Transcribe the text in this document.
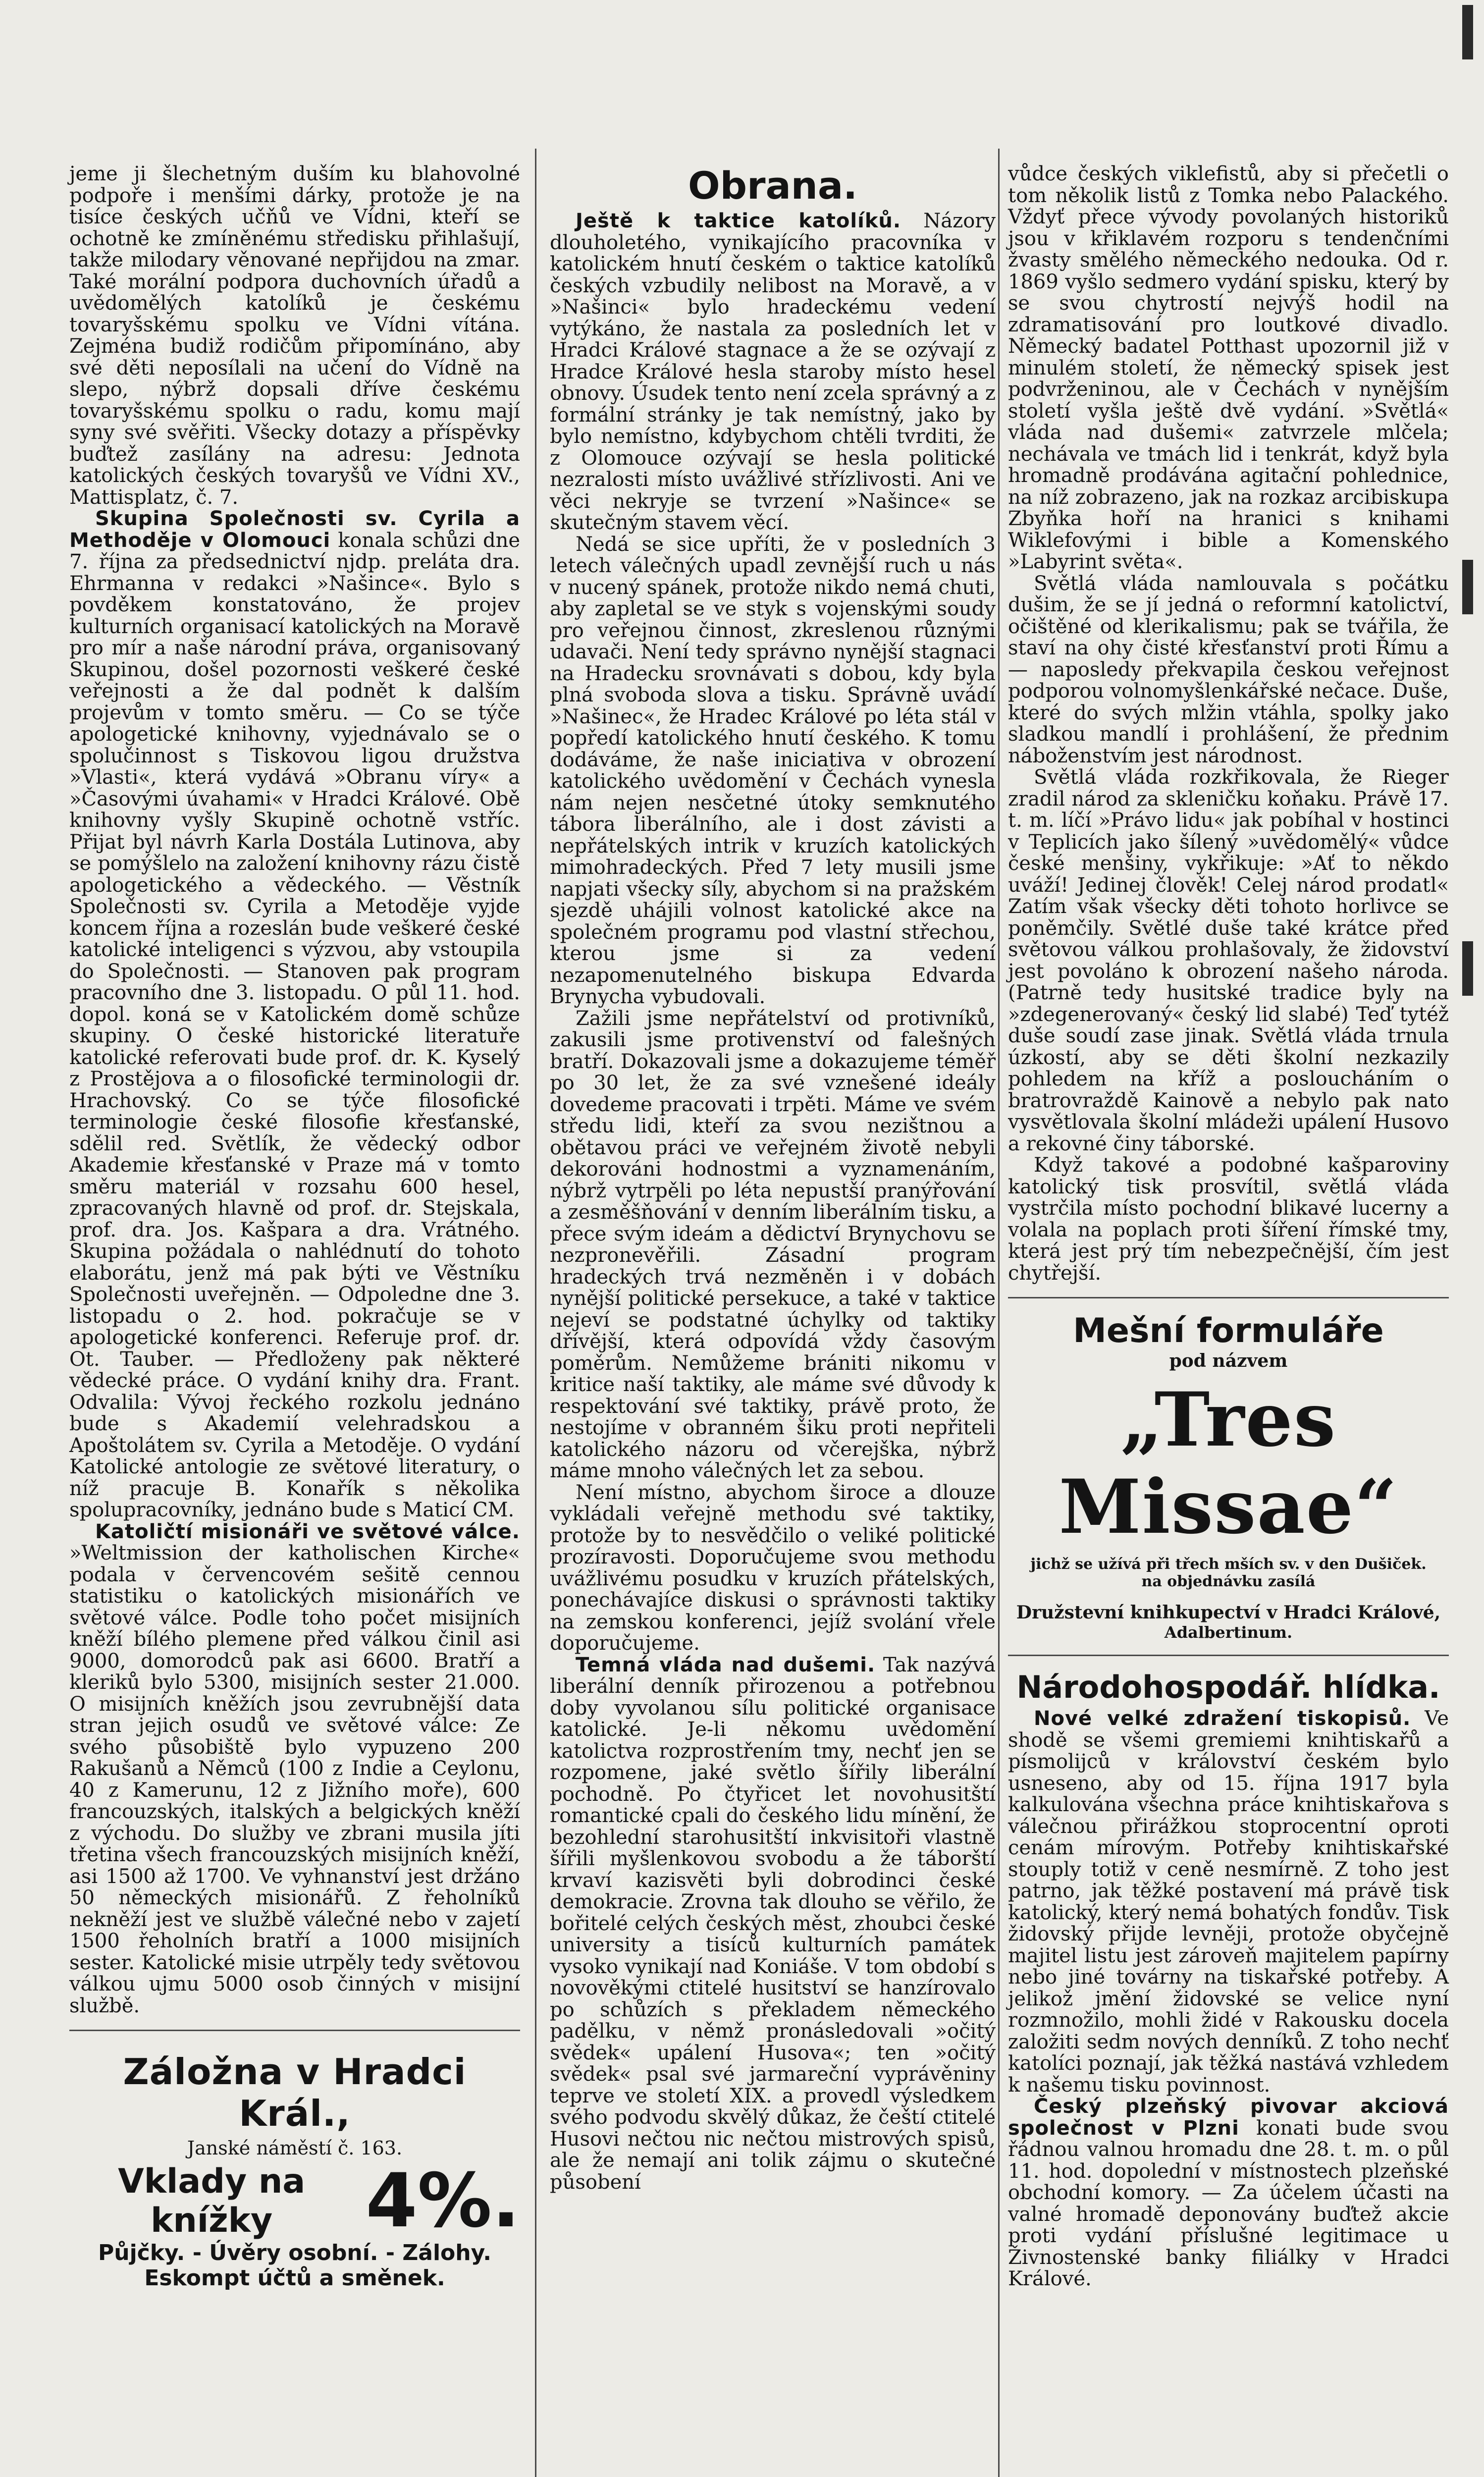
jeme ji šlechetným duším ku blahovolné podpoře i menšími dárky, protože je na tisíce českých učňů ve Vídni, kteří se ochotně ke zmíněnému středisku přihlašují, takže milodary věnované nepřijdou na zmar. Také morální podpora duchovních úřadů a uvědomělých katolíků je českému tovaryšskému spolku ve Vídni vítána. Zejména budiž rodičům připomínáno, aby své děti neposílali na učení do Vídně na slepo, nýbrž dopsali dříve českému tovaryšskému spolku o radu, komu mají syny své svěřiti. Všecky dotazy a příspěvky buďtež zasílány na adresu: Jednota katolických českých tovaryšů ve Vídni XV., Mattisplatz, č. 7.

Skupina Společnosti sv. Cyrila a Methoděje v Olomouci konala schůzi dne 7. října za předsednictví njdp. preláta dra. Ehrmanna v redakci »Našince«. Bylo s povděkem konstatováno, že projev kulturních organisací katolických na Moravě pro mír a naše národní práva, organisovaný Skupinou, došel pozornosti veškeré české veřejnosti a že dal podnět k dalším projevům v tomto směru. — Co se týče apologetické knihovny, vyjednávalo se o spolučinnost s Tiskovou ligou družstva »Vlasti«, která vydává »Obranu víry« a »Časovými úvahami« v Hradci Králové. Obě knihovny vyšly Skupině ochotně vstříc. Přijat byl návrh Karla Dostála Lutinova, aby se pomýšlelo na založení knihovny rázu čistě apologetického a vědeckého. — Věstník Společnosti sv. Cyrila a Metoděje vyjde koncem října a rozeslán bude veškeré české katolické inteligenci s výzvou, aby vstoupila do Společnosti. — Stanoven pak program pracovního dne 3. listopadu. O půl 11. hod. dopol. koná se v Katolickém domě schůze skupiny. O české historické literatuře katolické referovati bude prof. dr. K. Kyselý z Prostějova a o filosofické terminologii dr. Hrachovský. Co se týče filosofické terminologie české filosofie křesťanské, sdělil red. Světlík, že vědecký odbor Akademie křesťanské v Praze má v tomto směru materiál v rozsahu 600 hesel, zpracovaných hlavně od prof. dr. Stejskala, prof. dra. Jos. Kašpara a dra. Vrátného. Skupina požádala o nahlédnutí do tohoto elaborátu, jenž má pak býti ve Věstníku Společnosti uveřejněn. — Odpoledne dne 3. listopadu o 2. hod. pokračuje se v apologetické konferenci. Referuje prof. dr. Ot. Tauber. — Předloženy pak některé vědecké práce. O vydání knihy dra. Frant. Odvalila: Vývoj řeckého rozkolu jednáno bude s Akademií velehradskou a Apoštolátem sv. Cyrila a Metoděje. O vydání Katolické antologie ze světové literatury, o níž pracuje B. Konařík s několika spolupracovníky, jednáno bude s Maticí CM.

Katoličtí misionáři ve světové válce. »Weltmission der katholischen Kirche« podala v červencovém sešitě cennou statistiku o katolických misionářích ve světové válce. Podle toho počet misijních kněží bílého plemene před válkou činil asi 9000, domorodců pak asi 6600. Bratří a kleriků bylo 5300, misijních sester 21.000. O misijních kněžích jsou zevrubnější data stran jejich osudů ve světové válce: Ze svého působiště bylo vypuzeno 200 Rakušanů a Němců (100 z Indie a Ceylonu, 40 z Kamerunu, 12 z Jižního moře), 600 francouzských, italských a belgických kněží z východu. Do služby ve zbrani musila jíti třetina všech francouzských misijních kněží, asi 1500 až 1700. Ve vyhnanství jest držáno 50 německých misionářů. Z řeholníků nekněží jest ve službě válečné nebo v zajetí 1500 řeholních bratří a 1000 misijních sester. Katolické misie utrpěly tedy světovou válkou ujmu 5000 osob činných v misijní službě.

Záložna v Hradci Král.,
Janské náměstí č. 163.
Vklady na knížky	4%.
Půjčky. - Úvěry osobní. - Zálohy.
Eskompt účtů a směnek.
Obrana.

Ještě k taktice katolíků. Názory dlouholetého, vynikajícího pracovníka v katolickém hnutí českém o taktice katolíků českých vzbudily nelibost na Moravě, a v »Našinci« bylo hradeckému vedení vytýkáno, že nastala za posledních let v Hradci Králové stagnace a že se ozývají z Hradce Králové hesla staroby místo hesel obnovy. Úsudek tento není zcela správný a z formální stránky je tak nemístný, jako by bylo nemístno, kdybychom chtěli tvrditi, že z Olomouce ozývají se hesla politické nezralosti místo uvážlivé střízlivosti. Ani ve věci nekryje se tvrzení »Našince« se skutečným stavem věcí.

Nedá se sice upříti, že v posledních 3 letech válečných upadl zevnější ruch u nás v nucený spánek, protože nikdo nemá chuti, aby zapletal se ve styk s vojenskými soudy pro veřejnou činnost, zkreslenou různými udavači. Není tedy správno nynější stagnaci na Hradecku srovnávati s dobou, kdy byla plná svoboda slova a tisku. Správně uvádí »Našinec«, že Hradec Králové po léta stál v popředí katolického hnutí českého. K tomu dodáváme, že naše iniciativa v obrození katolického uvědomění v Čechách vynesla nám nejen nesčetné útoky semknutého tábora liberálního, ale i dost závisti a nepřátelských intrik v kruzích katolických mimohradeckých. Před 7 lety musili jsme napjati všecky síly, abychom si na pražském sjezdě uhájili volnost katolické akce na společném programu pod vlastní střechou, kterou jsme si za vedení nezapomenutelného biskupa Edvarda Brynycha vybudovali.

Zažili jsme nepřátelství od protivníků, zakusili jsme protivenství od falešných bratří. Dokazovali jsme a dokazujeme téměř po 30 let, že za své vznešené ideály dovedeme pracovati i trpěti. Máme ve svém středu lidi, kteří za svou nezištnou a obětavou práci ve veřejném životě nebyli dekorováni hodnostmi a vyznamenáním, nýbrž vytrpěli po léta nepustší pranýřování a zesměšňování v denním liberálním tisku, a přece svým ideám a dědictví Brynychovu se nezpronevěřili. Zásadní program hradeckých trvá nezměněn i v dobách nynější politické persekuce, a také v taktice nejeví se podstatné úchylky od taktiky dřívější, která odpovídá vždy časovým poměrům. Nemůžeme brániti nikomu v kritice naší taktiky, ale máme své důvody k respektování své taktiky, právě proto, že nestojíme v obranném šiku proti nepřiteli katolického názoru od včerejška, nýbrž máme mnoho válečných let za sebou.

Není místno, abychom široce a dlouze vykládali veřejně methodu své taktiky, protože by to nesvědčilo o veliké politické prozíravosti. Doporučujeme svou methodu uvážlivému posudku v kruzích přátelských, ponechávajíce diskusi o správnosti taktiky na zemskou konferenci, jejíž svolání vřele doporučujeme.

Temná vláda nad dušemi. Tak nazývá liberální denník přirozenou a potřebnou doby vyvolanou sílu politické organisace katolické. Je-li někomu uvědomění katolictva rozprostřením tmy, nechť jen se rozpomene, jaké světlo šířily liberální pochodně. Po čtyřicet let novohusitští romantické cpali do českého lidu mínění, že bezohlední starohusitští inkvisitoři vlastně šířili myšlenkovou svobodu a že táborští krvaví kazisvěti byli dobrodinci české demokracie. Zrovna tak dlouho se věřilo, že bořitelé celých českých měst, zhoubci české university a tisíců kulturních památek vysoko vynikají nad Koniáše. V tom období s novověkými ctitelé husitství se hanzírovalo po schůzích s překladem německého padělku, v němž pronásledovali »očitý svědek« upálení Husova«; ten »očitý svědek« psal své jarmareční vyprávěniny teprve ve století XIX. a provedl výsledkem svého podvodu skvělý důkaz, že čeští ctitelé Husovi nečtou nic nečtou mistrových spisů, ale že nemají ani tolik zájmu o skutečné působení

vůdce českých viklefistů, aby si přečetli o tom několik listů z Tomka nebo Palackého. Vždyť přece vývody povolaných historiků jsou v křiklavém rozporu s tendenčními žvasty smělého německého nedouka. Od r. 1869 vyšlo sedmero vydání spisku, který by se svou chytrostí nejvýš hodil na zdramatisování pro loutkové divadlo. Německý badatel Potthast upozornil již v minulém století, že německý spisek jest podvrženinou, ale v Čechách v nynějším století vyšla ještě dvě vydání. »Světlá« vláda nad dušemi« zatvrzele mlčela; nechávala ve tmách lid i tenkrát, když byla hromadně prodávána agitační pohlednice, na níž zobrazeno, jak na rozkaz arcibiskupa Zbyňka hoří na hranici s knihami Wiklefovými i bible a Komenského »Labyrint světa«.

Světlá vláda namlouvala s počátku dušim, že se jí jedná o reformní katolictví, očištěné od klerikalismu; pak se tvářila, že staví na ohy čisté křesťanství proti Římu a — naposledy překvapila českou veřejnost podporou volnomyšlenkářské nečace. Duše, které do svých mlžin vtáhla, spolky jako sladkou mandlí i prohlášení, že přednim náboženstvím jest národnost.

Světlá vláda rozkřikovala, že Rieger zradil národ za skleničku koňaku. Právě 17. t. m. líčí »Právo lidu« jak pobíhal v hostinci v Teplicích jako šílený »uvědomělý« vůdce české menšiny, vykřikuje: »Ať to někdo uváží! Jedinej člověk! Celej národ prodatl« Zatím však všecky děti tohoto horlivce se poněmčily. Světlé duše také krátce před světovou válkou prohlašovaly, že židovství jest povoláno k obrození našeho národa. (Patrně tedy husitské tradice byly na »zdegenerovaný« český lid slabé) Teď tytéž duše soudí zase jinak. Světlá vláda trnula úzkostí, aby se děti školní nezkazily pohledem na kříž a posloucháním o bratrovraždě Kainově a nebylo pak nato vysvětlovala školní mládeži upálení Husovo a rekovné činy táborské.

Když takové a podobné kašparoviny katolický tisk prosvítil, světlá vláda vystrčila místo pochodní blikavé lucerny a volala na poplach proti šíření římské tmy, která jest prý tím nebezpečnější, čím jest chytřejší.

Mešní formuláře
pod názvem
„Tres Missae“
jichž se užívá při třech mších sv. v den Dušiček.
na objednávku zasílá
Družstevní knihkupectví v Hradci Králové,
Adalbertinum.
Národohospodář. hlídka.

Nové velké zdražení tiskopisů. Ve shodě se všemi gremiemi knihtiskařů a písmolijců v království českém bylo usneseno, aby od 15. října 1917 byla kalkulována všechna práce knihtiskařova s válečnou přirážkou stoprocentní oproti cenám mírovým. Potřeby knihtiskařské stouply totiž v ceně nesmírně. Z toho jest patrno, jak těžké postavení má právě tisk katolický, který nemá bohatých fondův. Tisk židovský přijde levněji, protože obyčejně majitel listu jest zároveň majitelem papírny nebo jiné továrny na tiskařské potřeby. A jelikož jmění židovské se velice nyní rozmnožilo, mohli židé v Rakousku docela založiti sedm nových denníků. Z toho nechť katolíci poznají, jak těžká nastává vzhledem k našemu tisku povinnost.

Český plzeňský pivovar akciová společnost v Plzni konati bude svou řádnou valnou hromadu dne 28. t. m. o půl 11. hod. dopolední v místnostech plzeňské obchodní komory. — Za účelem účasti na valné hromadě deponovány buďtež akcie proti vydání příslušné legitimace u Živnostenské banky filiálky v Hradci Králové.
